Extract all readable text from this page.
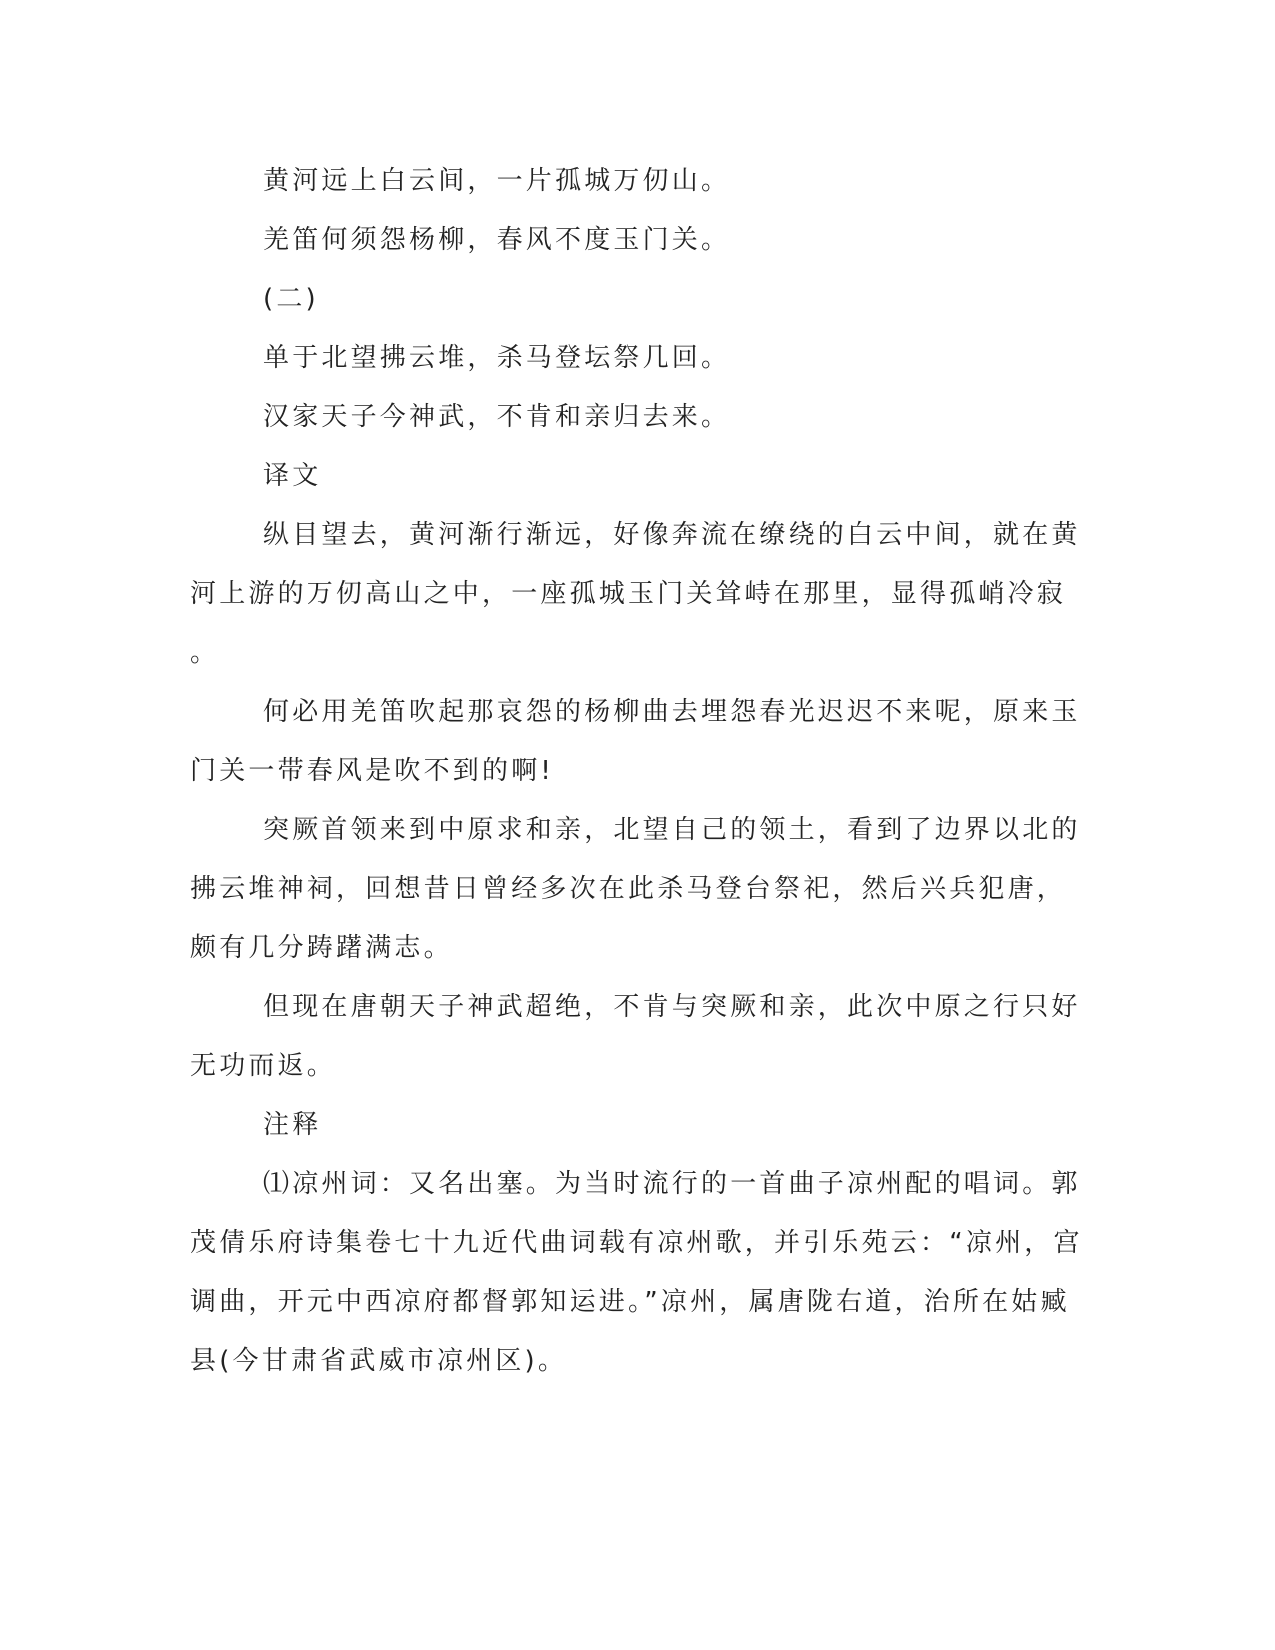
黄河远上白云间，一片孤城万仞山。
羌笛何须怨杨柳，春风不度玉门关。
(二)
单于北望拂云堆，杀马登坛祭几回。
汉家天子今神武，不肯和亲归去来。
译文
纵目望去，黄河渐行渐远，好像奔流在缭绕的白云中间，就在黄
河上游的万仞高山之中，一座孤城玉门关耸峙在那里，显得孤峭冷寂
。
何必用羌笛吹起那哀怨的杨柳曲去埋怨春光迟迟不来呢，原来玉
门关一带春风是吹不到的啊!
突厥首领来到中原求和亲，北望自己的领土，看到了边界以北的
拂云堆神祠，回想昔日曾经多次在此杀马登台祭祀，然后兴兵犯唐，
颇有几分踌躇满志。
但现在唐朝天子神武超绝，不肯与突厥和亲，此次中原之行只好
无功而返。
注释
⑴凉州词：又名出塞。为当时流行的一首曲子凉州配的唱词。郭
茂倩乐府诗集卷七十九近代曲词载有凉州歌，并引乐苑云：“凉州，宫
调曲，开元中西凉府都督郭知运进。”凉州，属唐陇右道，治所在姑臧
县(今甘肃省武威市凉州区)。
